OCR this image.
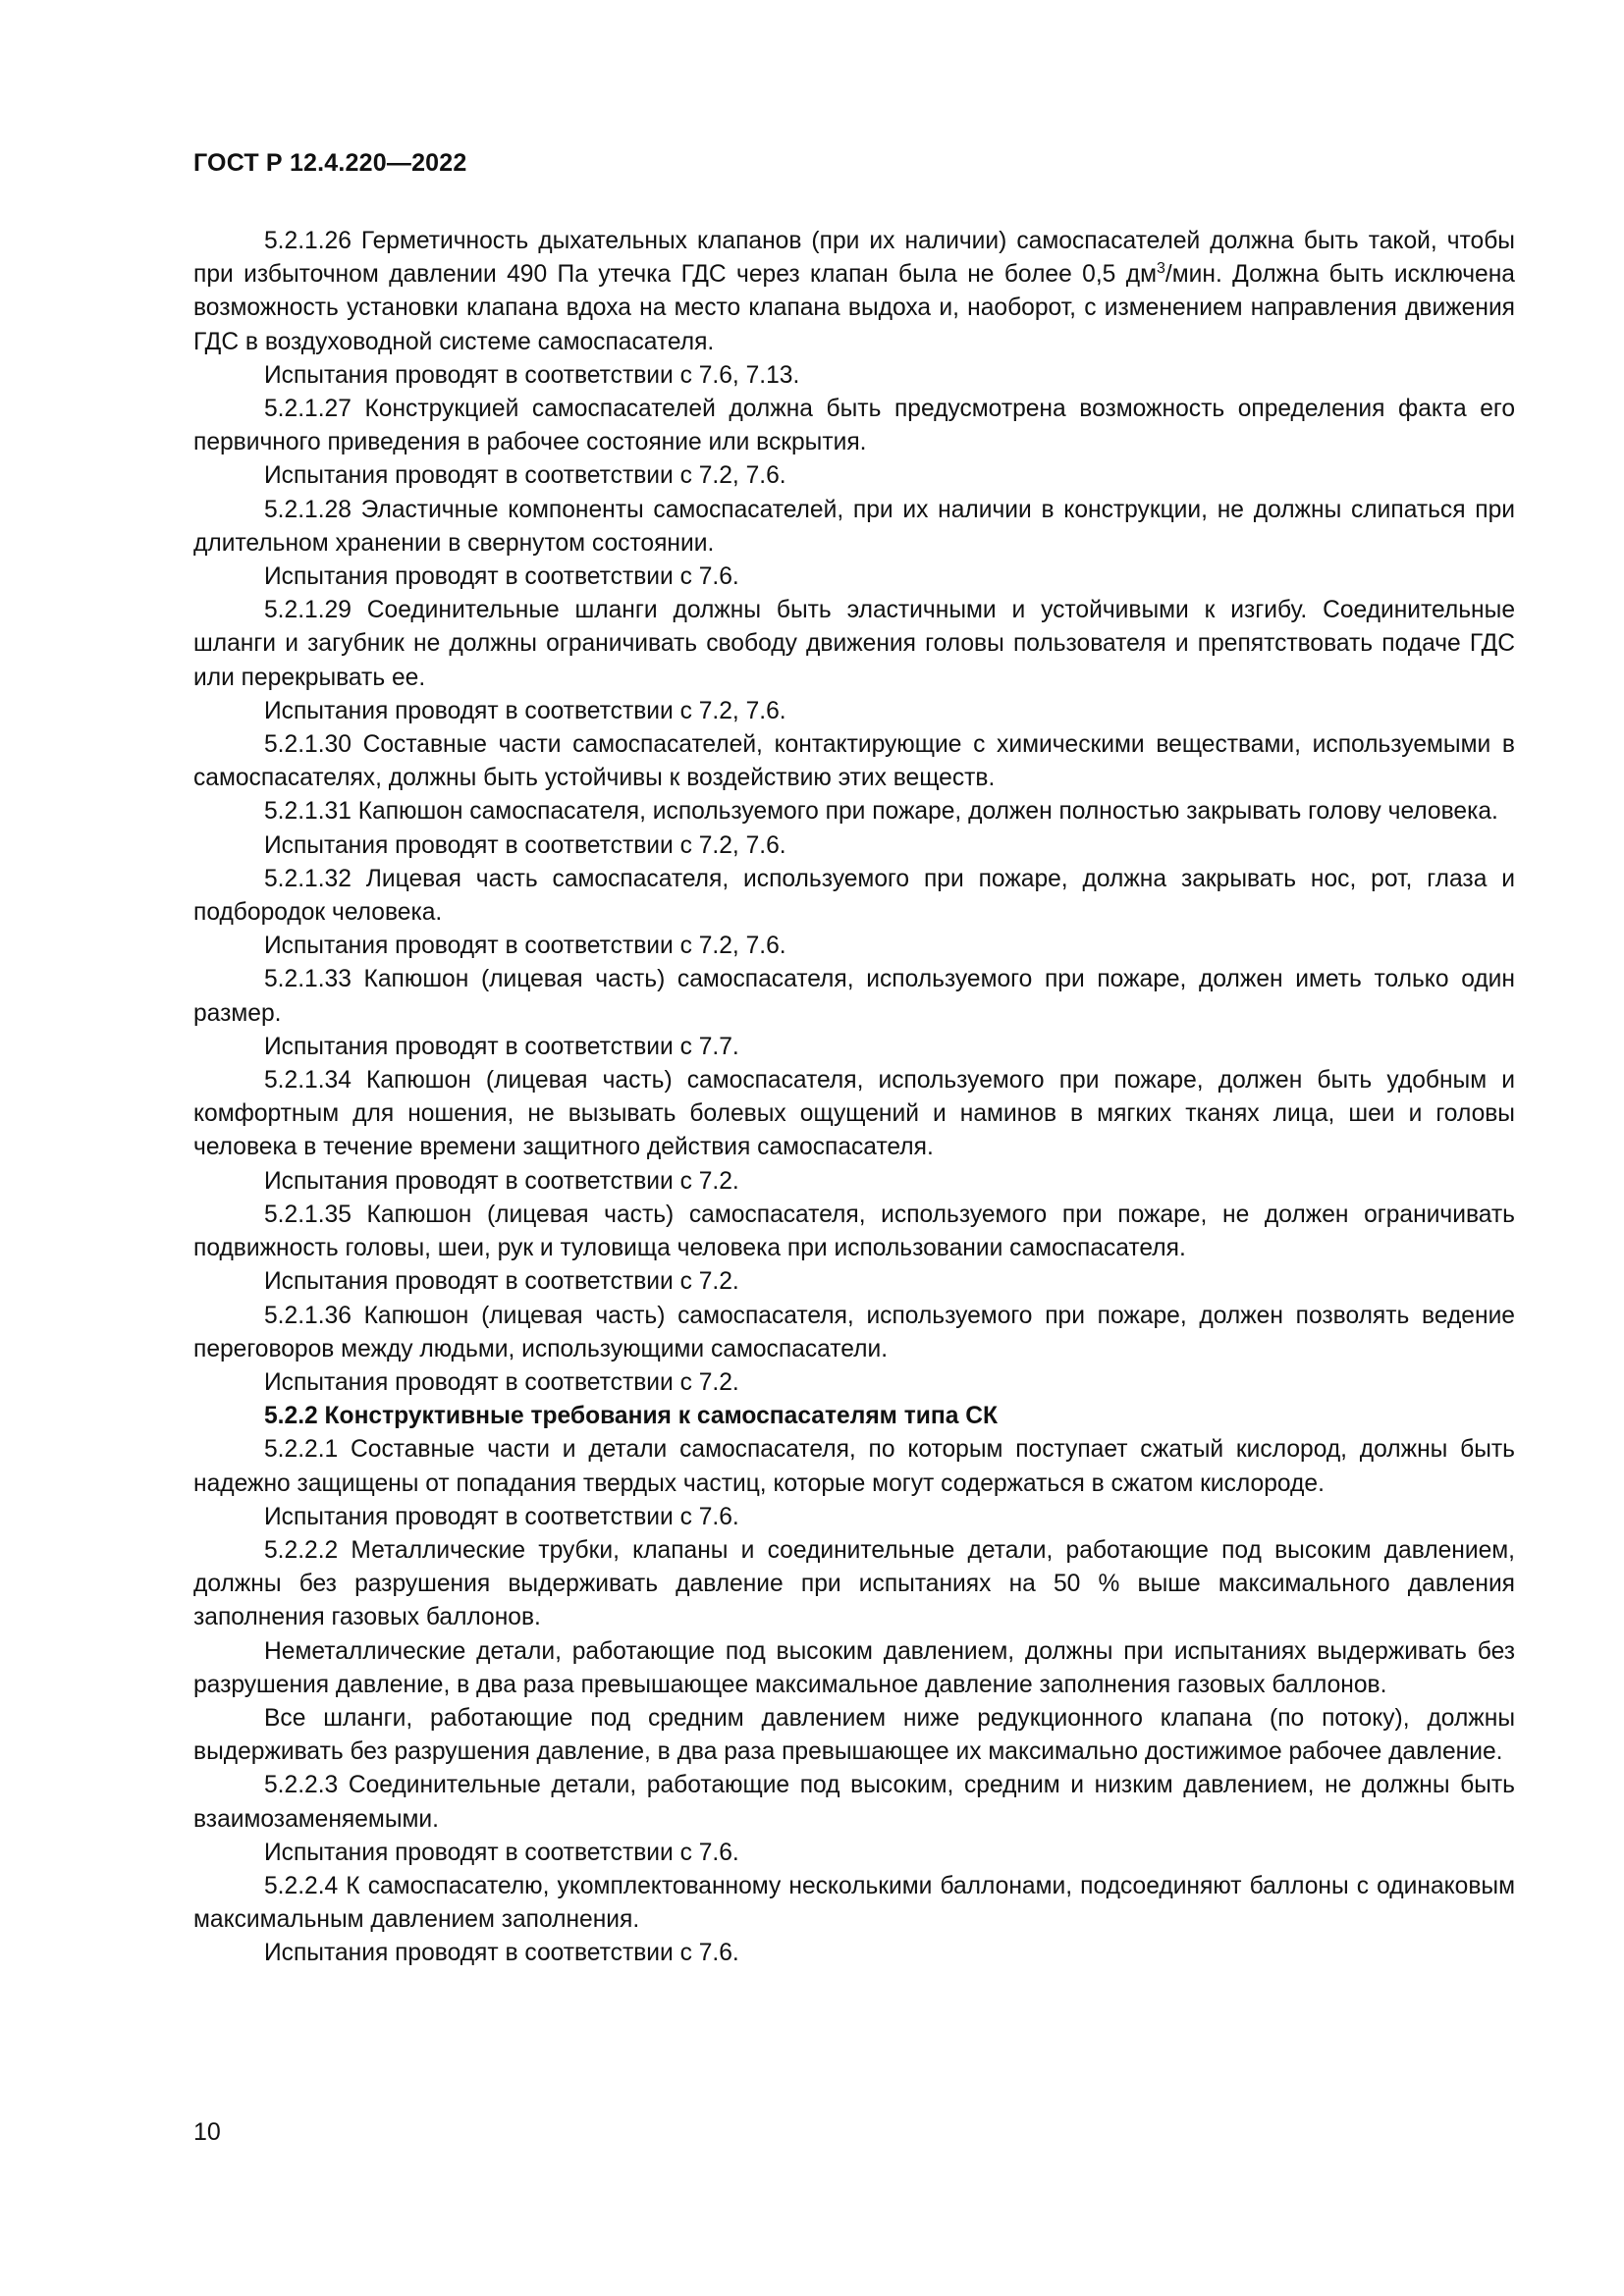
ГОСТ Р 12.4.220—2022

5.2.1.26 Герметичность дыхательных клапанов (при их наличии) самоспасателей должна быть такой, чтобы при избыточном давлении 490 Па утечка ГДС через клапан была не более 0,5 $дм^3$/мин. Должна быть исключена возможность установки клапана вдоха на место клапана выдоха и, наоборот, с изменением направления движения ГДС в воздуховодной системе самоспасателя.

Испытания проводят в соответствии с 7.6, 7.13.

5.2.1.27 Конструкцией самоспасателей должна быть предусмотрена возможность определения факта его первичного приведения в рабочее состояние или вскрытия.

Испытания проводят в соответствии с 7.2, 7.6.

5.2.1.28 Эластичные компоненты самоспасателей, при их наличии в конструкции, не должны слипаться при длительном хранении в свернутом состоянии.

Испытания проводят в соответствии с 7.6.

5.2.1.29 Соединительные шланги должны быть эластичными и устойчивыми к изгибу. Соединительные шланги и загубник не должны ограничивать свободу движения головы пользователя и препятствовать подаче ГДС или перекрывать ее.

Испытания проводят в соответствии с 7.2, 7.6.

5.2.1.30 Составные части самоспасателей, контактирующие с химическими веществами, используемыми в самоспасателях, должны быть устойчивы к воздействию этих веществ.

5.2.1.31 Капюшон самоспасателя, используемого при пожаре, должен полностью закрывать голову человека.

Испытания проводят в соответствии с 7.2, 7.6.

5.2.1.32 Лицевая часть самоспасателя, используемого при пожаре, должна закрывать нос, рот, глаза и подбородок человека.

Испытания проводят в соответствии с 7.2, 7.6.

5.2.1.33 Капюшон (лицевая часть) самоспасателя, используемого при пожаре, должен иметь только один размер.

Испытания проводят в соответствии с 7.7.

5.2.1.34 Капюшон (лицевая часть) самоспасателя, используемого при пожаре, должен быть удобным и комфортным для ношения, не вызывать болевых ощущений и наминов в мягких тканях лица, шеи и головы человека в течение времени защитного действия самоспасателя.

Испытания проводят в соответствии с 7.2.

5.2.1.35 Капюшон (лицевая часть) самоспасателя, используемого при пожаре, не должен ограничивать подвижность головы, шеи, рук и туловища человека при использовании самоспасателя.

Испытания проводят в соответствии с 7.2.

5.2.1.36 Капюшон (лицевая часть) самоспасателя, используемого при пожаре, должен позволять ведение переговоров между людьми, использующими самоспасатели.

Испытания проводят в соответствии с 7.2.

5.2.2 Конструктивные требования к самоспасателям типа СК

5.2.2.1 Составные части и детали самоспасателя, по которым поступает сжатый кислород, должны быть надежно защищены от попадания твердых частиц, которые могут содержаться в сжатом кислороде.

Испытания проводят в соответствии с 7.6.

5.2.2.2 Металлические трубки, клапаны и соединительные детали, работающие под высоким давлением, должны без разрушения выдерживать давление при испытаниях на 50 % выше максимального давления заполнения газовых баллонов.

Неметаллические детали, работающие под высоким давлением, должны при испытаниях выдерживать без разрушения давление, в два раза превышающее максимальное давление заполнения газовых баллонов.

Все шланги, работающие под средним давлением ниже редукционного клапана (по потоку), должны выдерживать без разрушения давление, в два раза превышающее их максимально достижимое рабочее давление.

5.2.2.3 Соединительные детали, работающие под высоким, средним и низким давлением, не должны быть взаимозаменяемыми.

Испытания проводят в соответствии с 7.6.

5.2.2.4 К самоспасателю, укомплектованному несколькими баллонами, подсоединяют баллоны с одинаковым максимальным давлением заполнения.

Испытания проводят в соответствии с 7.6.

10
